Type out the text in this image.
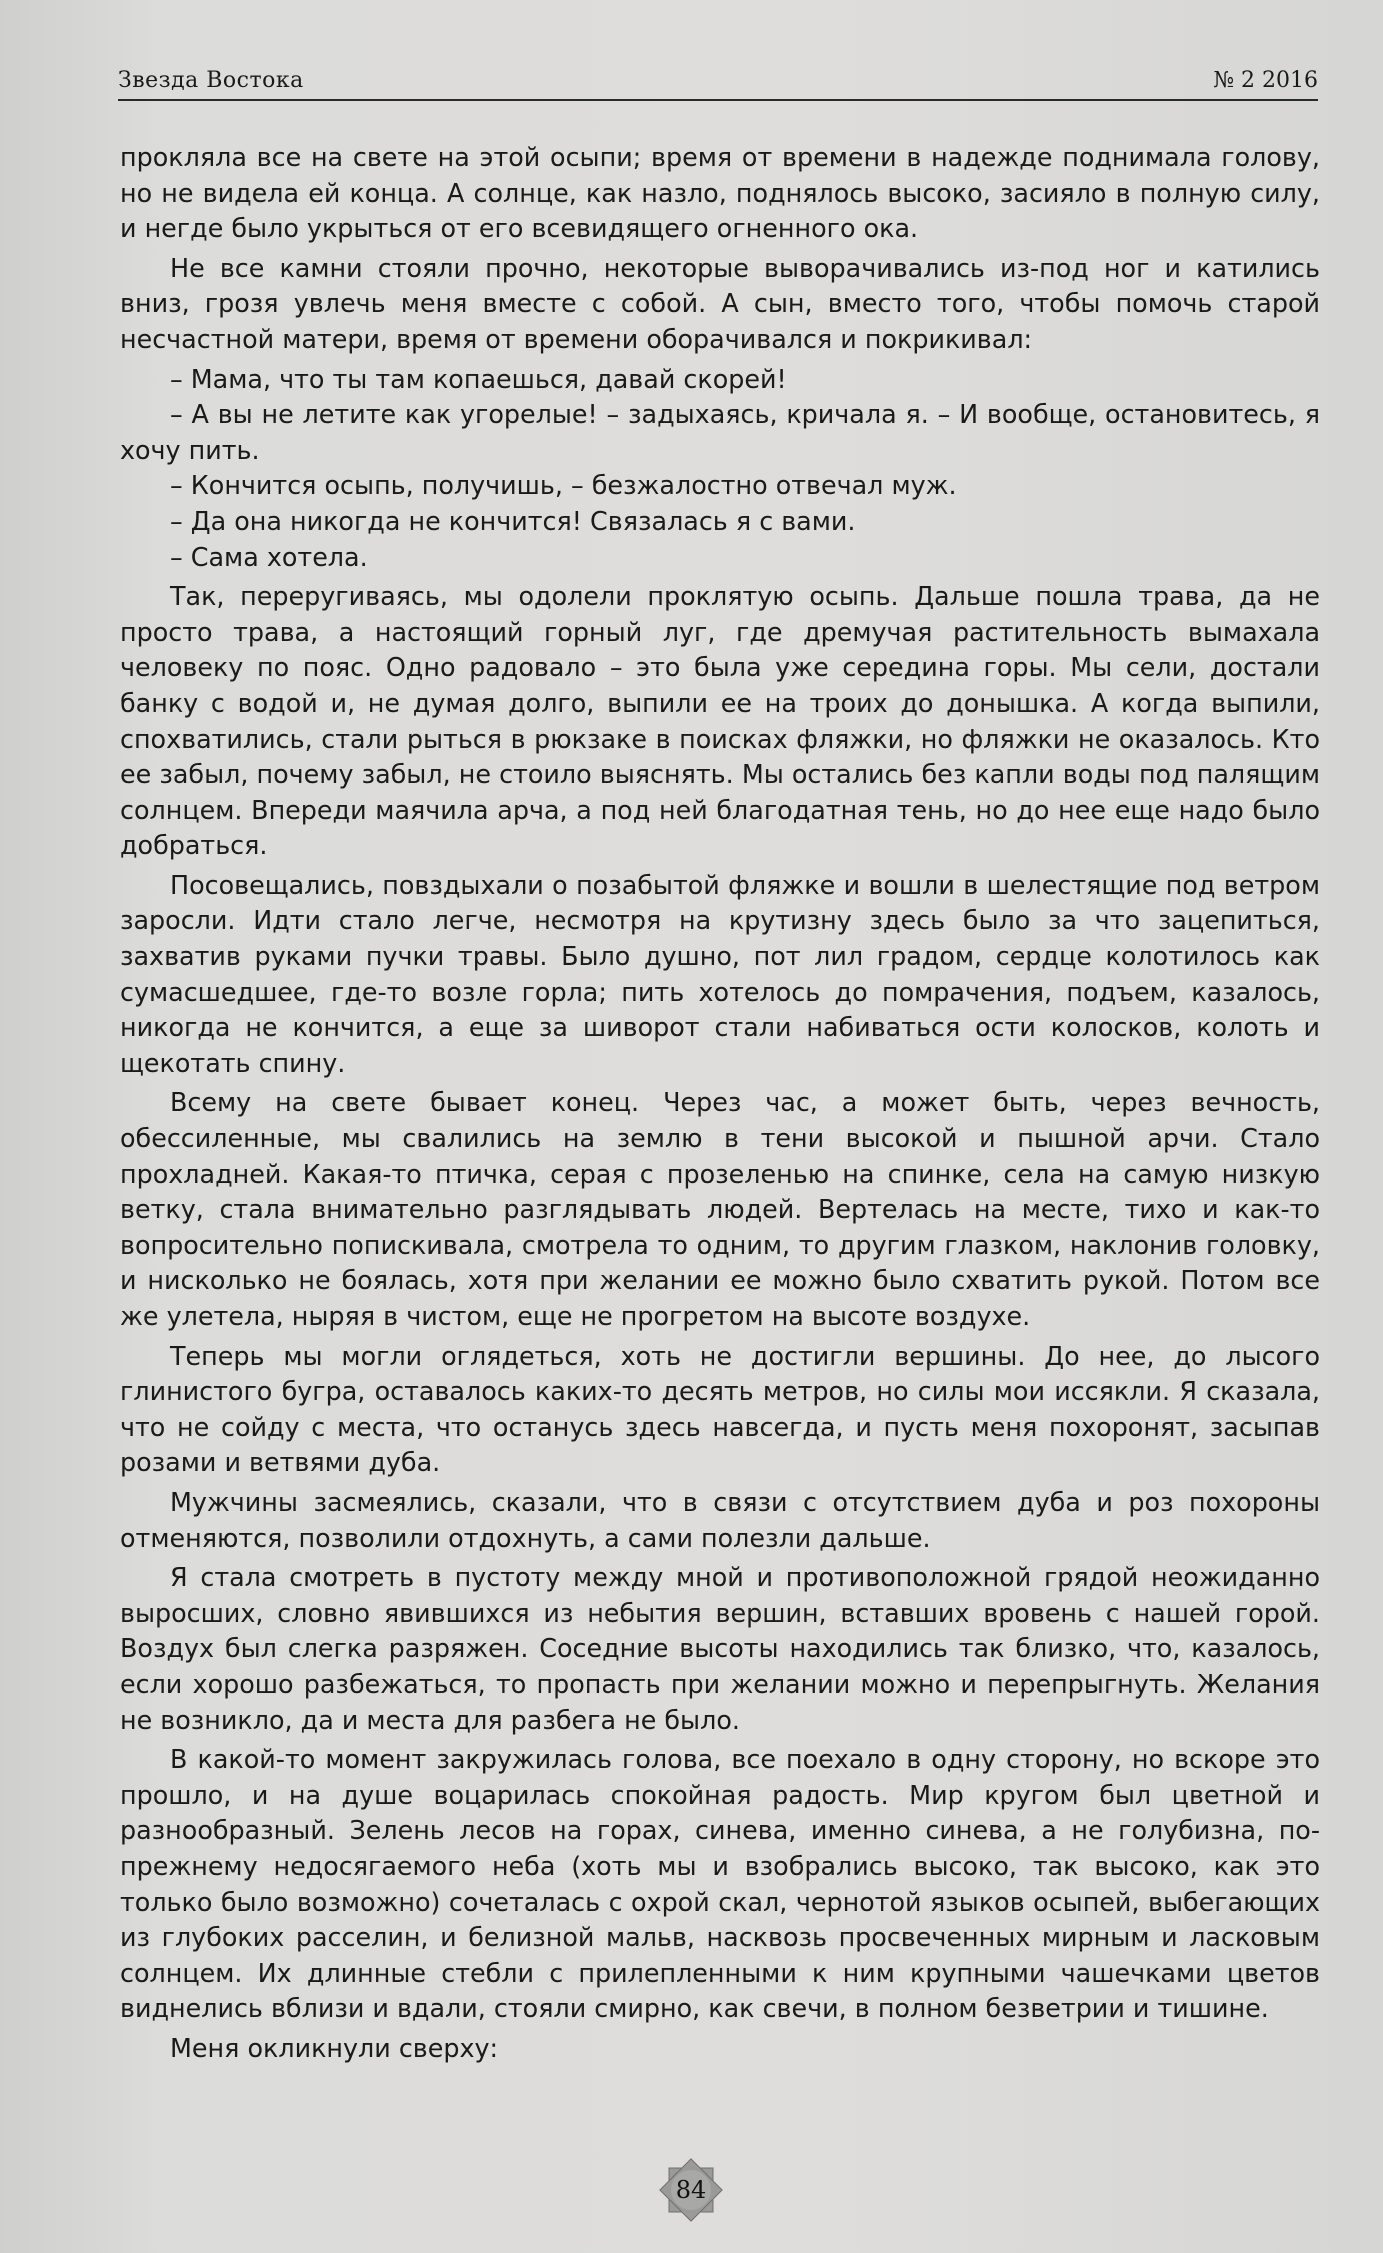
Звезда Востока	№ 2 2016

прокляла все на свете на этой осыпи; время от времени в надежде поднимала голову, но не видела ей конца. А солнце, как назло, поднялось высоко, засияло в полную силу, и негде было укрыться от его всевидящего огненного ока.

Не все камни стояли прочно, некоторые выворачивались из-под ног и катились вниз, грозя увлечь меня вместе с собой. А сын, вместо того, чтобы помочь старой несчастной матери, время от времени оборачивался и покрикивал:

– Мама, что ты там копаешься, давай скорей!

– А вы не летите как угорелые! – задыхаясь, кричала я. – И вообще, остановитесь, я хочу пить.

– Кончится осыпь, получишь, – безжалостно отвечал муж.

– Да она никогда не кончится! Связалась я с вами.

– Сама хотела.

Так, переругиваясь, мы одолели проклятую осыпь. Дальше пошла трава, да не просто трава, а настоящий горный луг, где дремучая растительность вымахала человеку по пояс. Одно радовало – это была уже середина горы. Мы сели, достали банку с водой и, не думая долго, выпили ее на троих до донышка. А когда выпили, спохватились, стали рыться в рюкзаке в поисках фляжки, но фляжки не оказалось. Кто ее забыл, почему забыл, не стоило выяснять. Мы остались без капли воды под палящим солнцем. Впереди маячила арча, а под ней благодатная тень, но до нее еще надо было добраться.

Посовещались, повздыхали о позабытой фляжке и вошли в шелестящие под ветром заросли. Идти стало легче, несмотря на крутизну здесь было за что зацепиться, захватив руками пучки травы. Было душно, пот лил градом, сердце колотилось как сумасшедшее, где-то возле горла; пить хотелось до помрачения, подъем, казалось, никогда не кончится, а еще за шиворот стали набиваться ости колосков, колоть и щекотать спину.

Всему на свете бывает конец. Через час, а может быть, через вечность, обессиленные, мы свалились на землю в тени высокой и пышной арчи. Стало прохладней. Какая-то птичка, серая с прозеленью на спинке, села на самую низкую ветку, стала внимательно разглядывать людей. Вертелась на месте, тихо и как-то вопросительно попискивала, смотрела то одним, то другим глазком, наклонив головку, и нисколько не боялась, хотя при желании ее можно было схватить рукой. Потом все же улетела, ныряя в чистом, еще не прогретом на высоте воздухе.

Теперь мы могли оглядеться, хоть не достигли вершины. До нее, до лысого глинистого бугра, оставалось каких-то десять метров, но силы мои иссякли. Я сказала, что не сойду с места, что останусь здесь навсегда, и пусть меня похоронят, засыпав розами и ветвями дуба.

Мужчины засмеялись, сказали, что в связи с отсутствием дуба и роз похороны отменяются, позволили отдохнуть, а сами полезли дальше.

Я стала смотреть в пустоту между мной и противоположной грядой неожиданно выросших, словно явившихся из небытия вершин, вставших вровень с нашей горой. Воздух был слегка разряжен. Соседние высоты находились так близко, что, казалось, если хорошо разбежаться, то пропасть при желании можно и перепрыгнуть. Желания не возникло, да и места для разбега не было.

В какой-то момент закружилась голова, все поехало в одну сторону, но вскоре это прошло, и на душе воцарилась спокойная радость. Мир кругом был цветной и разнообразный. Зелень лесов на горах, синева, именно синева, а не голубизна, по-прежнему недосягаемого неба (хоть мы и взобрались высоко, так высоко, как это только было возможно) сочеталась с охрой скал, чернотой языков осыпей, выбегающих из глубоких расселин, и белизной мальв, насквозь просвеченных мирным и ласковым солнцем. Их длинные стебли с прилепленными к ним крупными чашечками цветов виднелись вблизи и вдали, стояли смирно, как свечи, в полном безветрии и тишине.

Меня окликнули сверху:

84
